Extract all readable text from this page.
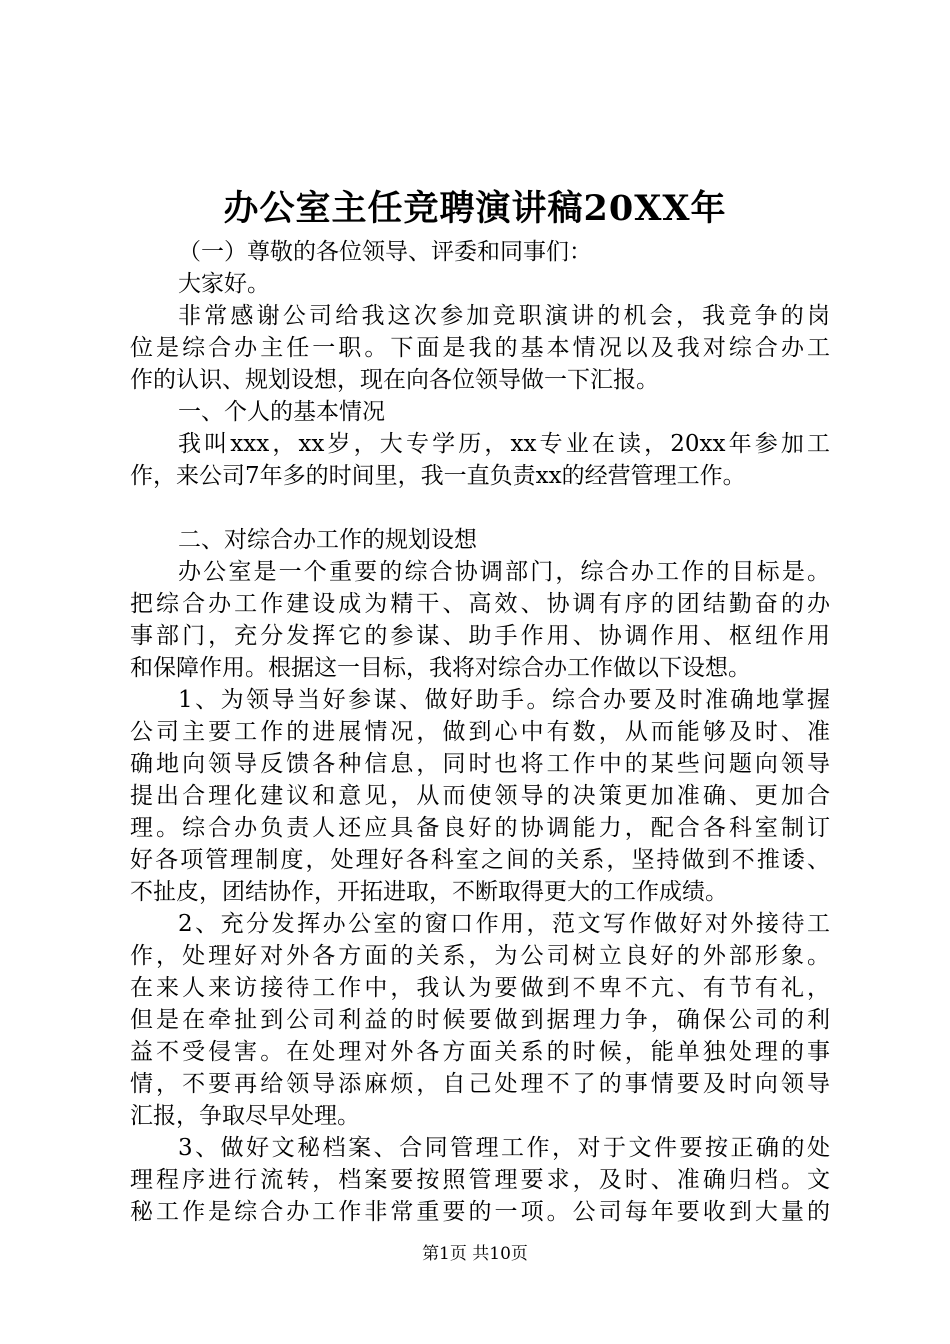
办公室主任竞聘演讲稿20XX年
（一）尊敬的各位领导、评委和同事们：
大家好。
非常感谢公司给我这次参加竞职演讲的机会，我竞争的岗
位是综合办主任一职。下面是我的基本情况以及我对综合办工
作的认识、规划设想，现在向各位领导做一下汇报。
一、个人的基本情况
我叫xxx，xx岁，大专学历，xx专业在读，20xx年参加工
作，来公司7年多的时间里，我一直负责xx的经营管理工作。
二、对综合办工作的规划设想
办公室是一个重要的综合协调部门，综合办工作的目标是。
把综合办工作建设成为精干、高效、协调有序的团结勤奋的办
事部门，充分发挥它的参谋、助手作用、协调作用、枢纽作用
和保障作用。根据这一目标，我将对综合办工作做以下设想。
1、为领导当好参谋、做好助手。综合办要及时准确地掌握
公司主要工作的进展情况，做到心中有数，从而能够及时、准
确地向领导反馈各种信息，同时也将工作中的某些问题向领导
提出合理化建议和意见，从而使领导的决策更加准确、更加合
理。综合办负责人还应具备良好的协调能力，配合各科室制订
好各项管理制度，处理好各科室之间的关系，坚持做到不推诿、
不扯皮，团结协作，开拓进取，不断取得更大的工作成绩。
2、充分发挥办公室的窗口作用，范文写作做好对外接待工
作，处理好对外各方面的关系，为公司树立良好的外部形象。
在来人来访接待工作中，我认为要做到不卑不亢、有节有礼，
但是在牵扯到公司利益的时候要做到据理力争，确保公司的利
益不受侵害。在处理对外各方面关系的时候，能单独处理的事
情，不要再给领导添麻烦，自己处理不了的事情要及时向领导
汇报，争取尽早处理。
3、做好文秘档案、合同管理工作，对于文件要按正确的处
理程序进行流转，档案要按照管理要求，及时、准确归档。文
秘工作是综合办工作非常重要的一项。公司每年要收到大量的

第1页 共10页
